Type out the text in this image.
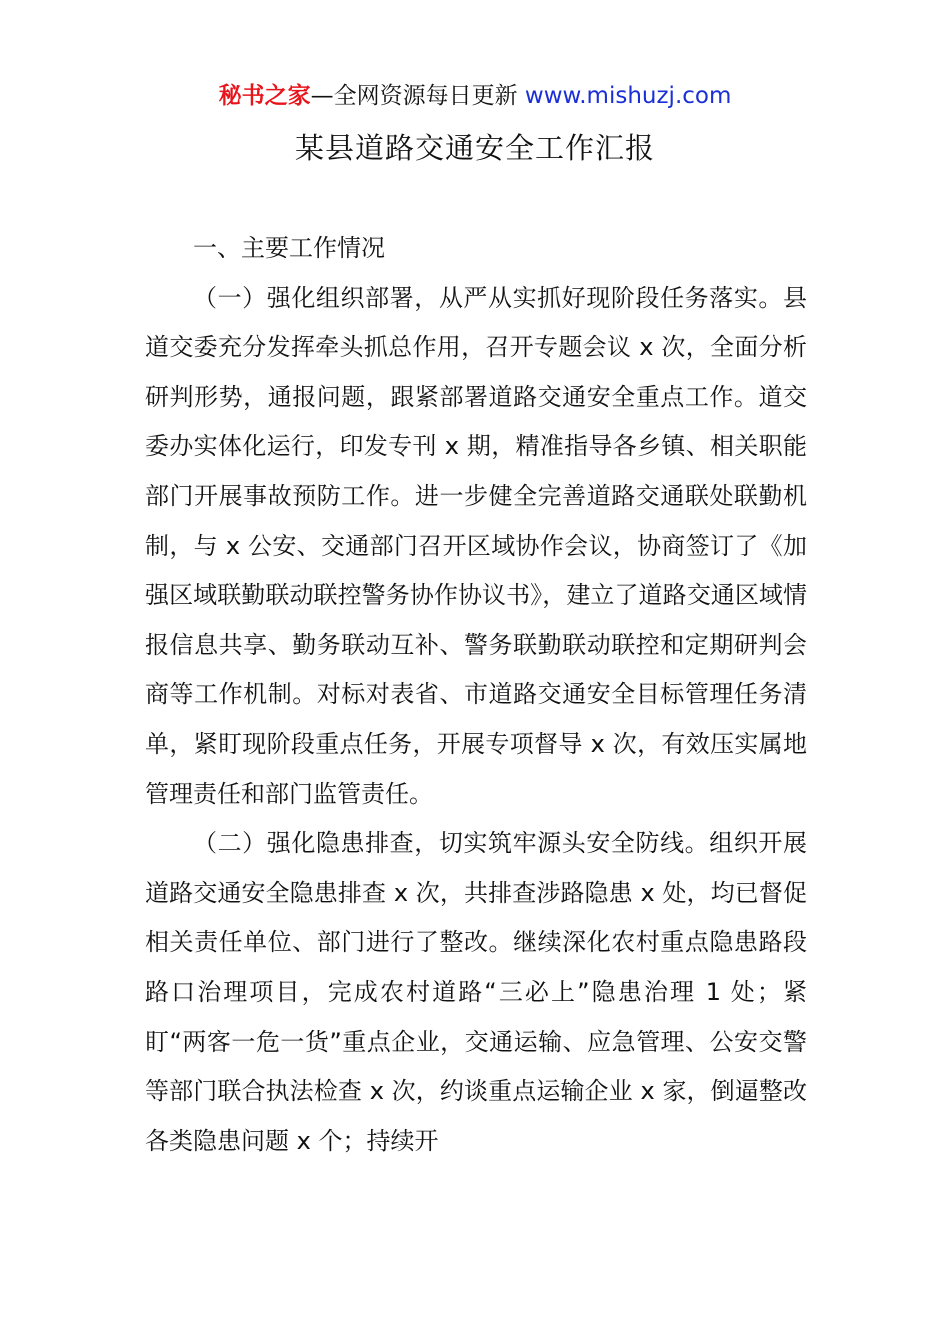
秘书之家—全网资源每日更新 www.mishuzj.com
某县道路交通安全工作汇报

一、主要工作情况

（一）强化组织部署，从严从实抓好现阶段任务落实。县道交委充分发挥牵头抓总作用，召开专题会议 x 次，全面分析研判形势，通报问题，跟紧部署道路交通安全重点工作。道交委办实体化运行，印发专刊 x 期，精准指导各乡镇、相关职能部门开展事故预防工作。进一步健全完善道路交通联处联勤机制，与 x 公安、交通部门召开区域协作会议，协商签订了《加强区域联勤联动联控警务协作协议书》，建立了道路交通区域情报信息共享、勤务联动互补、警务联勤联动联控和定期研判会商等工作机制。对标对表省、市道路交通安全目标管理任务清单，紧盯现阶段重点任务，开展专项督导 x 次，有效压实属地管理责任和部门监管责任。

（二）强化隐患排查，切实筑牢源头安全防线。组织开展道路交通安全隐患排查 x 次，共排查涉路隐患 x 处，均已督促相关责任单位、部门进行了整改。继续深化农村重点隐患路段路口治理项目，完成农村道路“三必上”隐患治理 1 处；紧盯“两客一危一货”重点企业，交通运输、应急管理、公安交警等部门联合执法检查 x 次，约谈重点运输企业 x 家，倒逼整改各类隐患问题 x 个；持续开
